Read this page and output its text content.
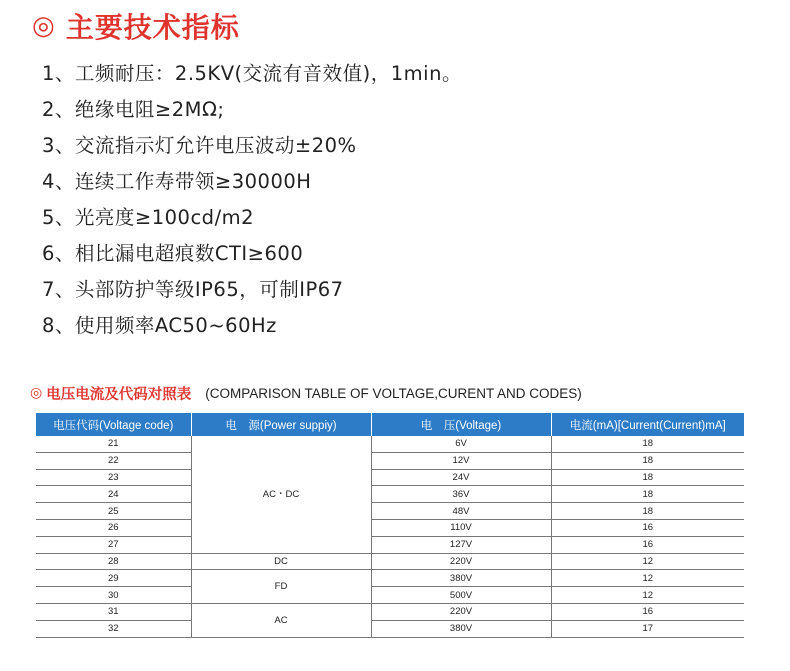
◎ 主要技术指标
1、工频耐压：2.5KV(交流有音效值)，1min。
2、绝缘电阻≥2MΩ;
3、交流指示灯允许电压波动±20%
4、连续工作寿带领≥30000H
5、光亮度≥100cd/m2
6、相比漏电超痕数CTI≥600
7、头部防护等级IP65，可制IP67
8、使用频率AC50~60Hz
◎ 电压电流及代码对照表 (COMPARISON TABLE OF VOLTAGE,CURENT AND CODES)
电压代码(Voltage code)	电　源(Power suppiy)	电　压(Voltage)	电流(mA)[Current(Current)mA]
21	AC・DC	6V	18
22		12V	18
23		24V	18
24		36V	18
25		48V	18
26		110V	16
27		127V	16
28	DC	220V	12
29	FD	380V	12
30		500V	12
31	AC	220V	16
32		380V	17
